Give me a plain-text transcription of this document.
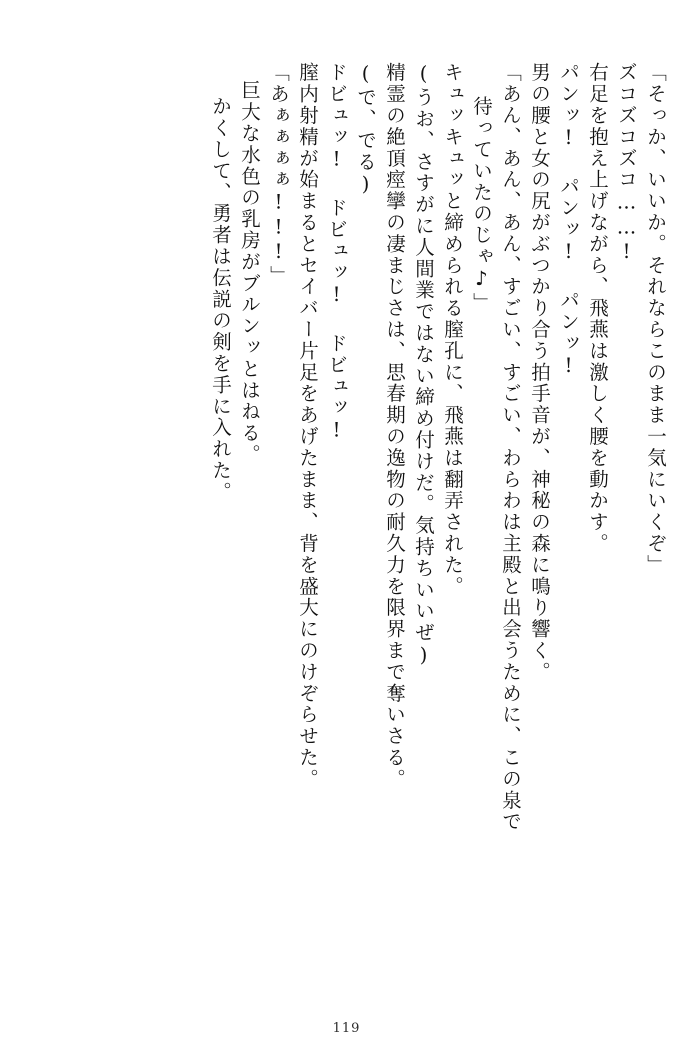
「そっか、いいか。それならこのまま一気にいくぞ」
ズコズコズコ……!
右足を抱え上げながら、飛燕は激しく腰を動かす。
パンッ! パンッ! パンッ!
男の腰と女の尻がぶつかり合う拍手音が、神秘の森に鳴り響く。
「あん、あん、あん、すごい、すごい、わらわは主殿と出会うために、この泉で
待っていたのじゃ♪」
キュッキュッと締められる膣孔に、飛燕は翻弄された。
(うお、さすがに人間業ではない締め付けだ。気持ちいいぜ)
精霊の絶頂痙攣の凄まじさは、思春期の逸物の耐久力を限界まで奪いさる。
(で、でる)
ドビュッ! ドビュッ! ドビュッ!
膣内射精が始まるとセイバー片足をあげたまま、背を盛大にのけぞらせた。
「あぁぁぁぁ!!!」
巨大な水色の乳房がブルンッとはねる。
かくして、勇者は伝説の剣を手に入れた。
119
